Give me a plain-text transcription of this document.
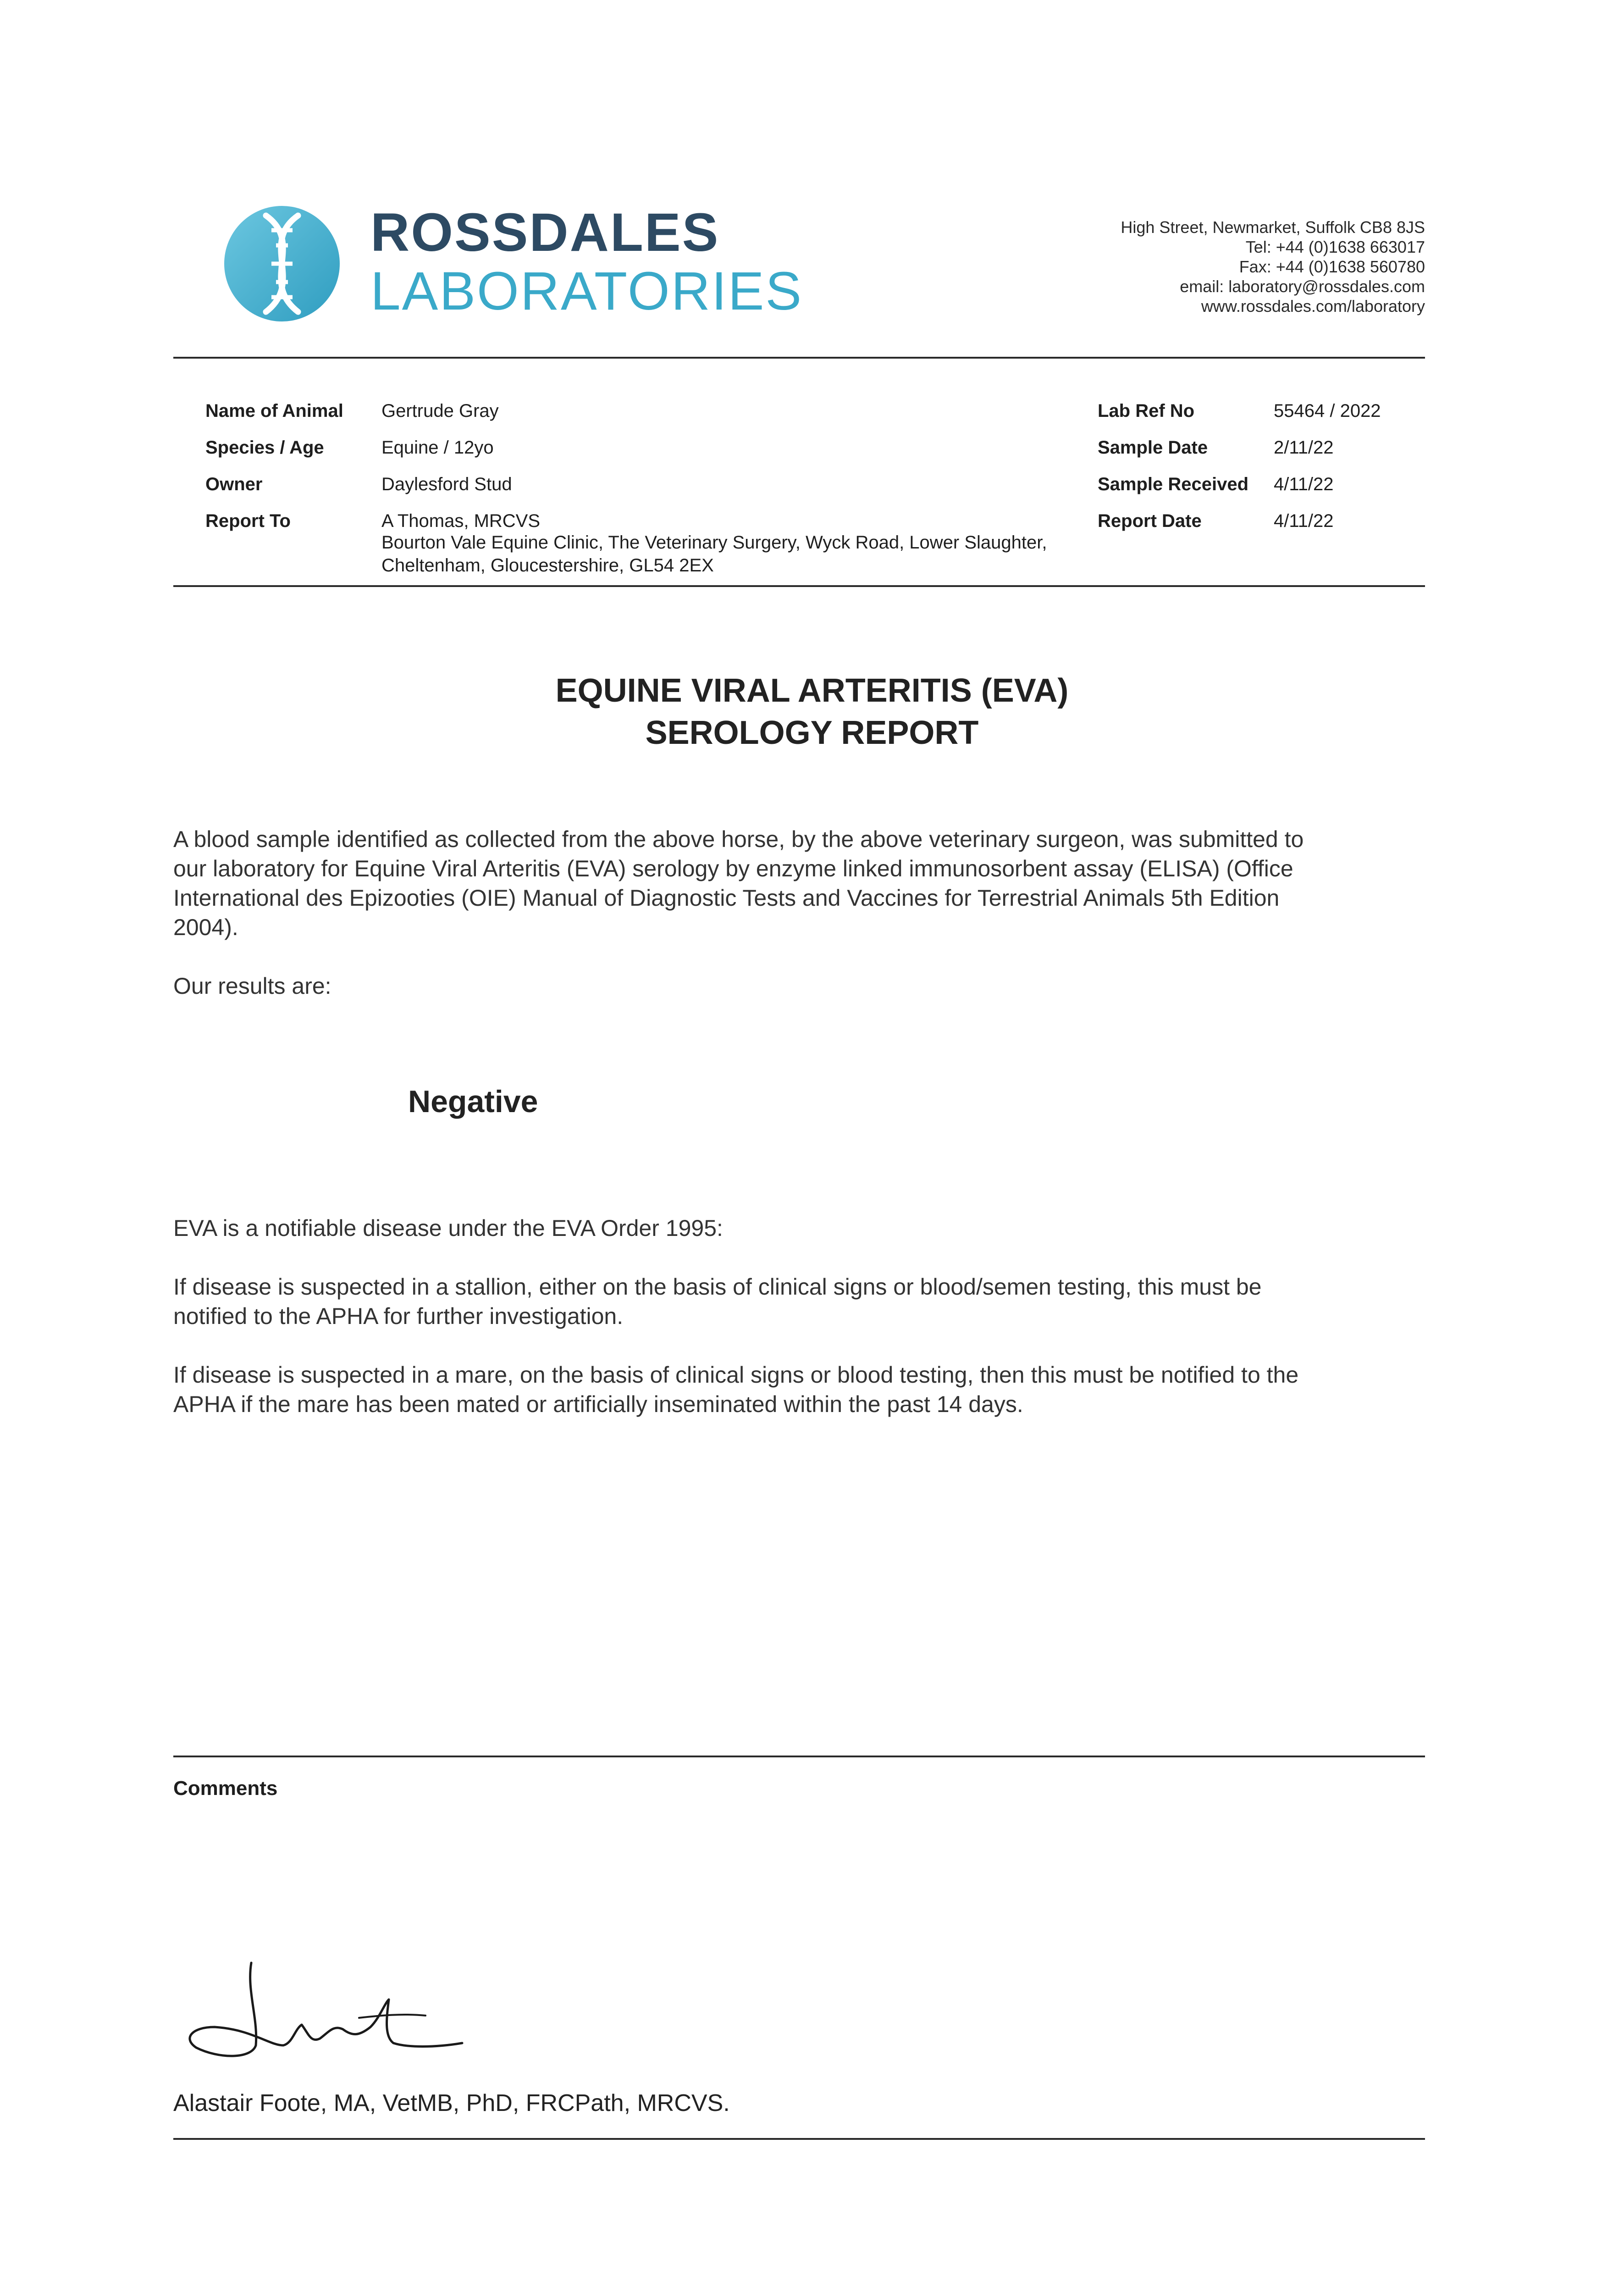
ROSSDALES
LABORATORIES
High Street, Newmarket, Suffolk CB8 8JS
Tel: +44 (0)1638 663017
Fax: +44 (0)1638 560780
email: laboratory@rossdales.com
www.rossdales.com/laboratory
Name of Animal Gertrude Gray
Species / Age	Equine / 12yo
Owner	Daylesford Stud
Report To	A Thomas, MRCVS
Bourton Vale Equine Clinic, The Veterinary Surgery, Wyck Road, Lower Slaughter,
Cheltenham, Gloucestershire, GL54 2EX
Lab Ref No	55464 / 2022
Sample Date	2/11/22
Sample Received 4/11/22
Report Date	4/11/22
EQUINE VIRAL ARTERITIS (EVA)
SEROLOGY REPORT
A blood sample identified as collected from the above horse, by the above veterinary surgeon, was submitted to
our laboratory for Equine Viral Arteritis (EVA) serology by enzyme linked immunosorbent assay (ELISA) (Office
International des Epizooties (OIE) Manual of Diagnostic Tests and Vaccines for Terrestrial Animals 5th Edition
2004).
Our results are:
Negative
EVA is a notifiable disease under the EVA Order 1995:
If disease is suspected in a stallion, either on the basis of clinical signs or blood/semen testing, this must be
notified to the APHA for further investigation.
If disease is suspected in a mare, on the basis of clinical signs or blood testing, then this must be notified to the
APHA if the mare has been mated or artificially inseminated within the past 14 days.
Comments
Alastair Foote, MA, VetMB, PhD, FRCPath, MRCVS.
